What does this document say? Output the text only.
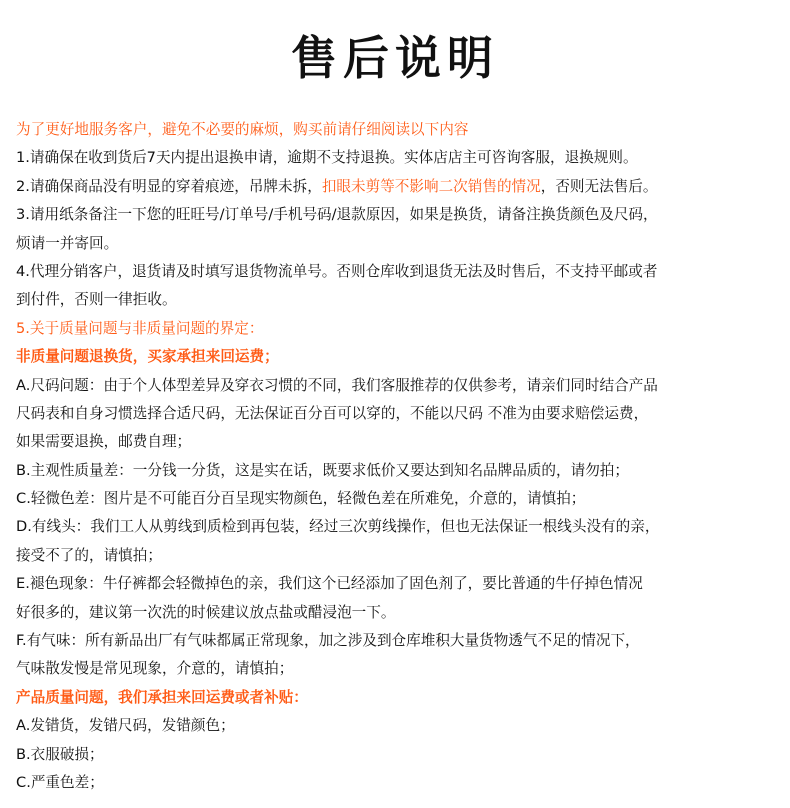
售后说明
为了更好地服务客户，避免不必要的麻烦，购买前请仔细阅读以下内容
1.请确保在收到货后7天内提出退换申请，逾期不支持退换。实体店店主可咨询客服，退换规则。
2.请确保商品没有明显的穿着痕迹，吊牌未拆，扣眼未剪等不影响二次销售的情况，否则无法售后。
3.请用纸条备注一下您的旺旺号/订单号/手机号码/退款原因，如果是换货，请备注换货颜色及尺码，
烦请一并寄回。
4.代理分销客户，退货请及时填写退货物流单号。否则仓库收到退货无法及时售后，不支持平邮或者
到付件，否则一律拒收。
5.关于质量问题与非质量问题的界定：
非质量问题退换货，买家承担来回运费；
A.尺码问题：由于个人体型差异及穿衣习惯的不同，我们客服推荐的仅供参考，请亲们同时结合产品
尺码表和自身习惯选择合适尺码，无法保证百分百可以穿的，不能以尺码 不准为由要求赔偿运费，
如果需要退换，邮费自理；
B.主观性质量差：一分钱一分货，这是实在话，既要求低价又要达到知名品牌品质的，请勿拍；
C.轻微色差：图片是不可能百分百呈现实物颜色，轻微色差在所难免，介意的，请慎拍；
D.有线头：我们工人从剪线到质检到再包装，经过三次剪线操作，但也无法保证一根线头没有的亲，
接受不了的，请慎拍；
E.褪色现象：牛仔裤都会轻微掉色的亲，我们这个已经添加了固色剂了，要比普通的牛仔掉色情况
好很多的，建议第一次洗的时候建议放点盐或醋浸泡一下。
F.有气味：所有新品出厂有气味都属正常现象，加之涉及到仓库堆积大量货物透气不足的情况下，
气味散发慢是常见现象，介意的，请慎拍；
产品质量问题，我们承担来回运费或者补贴：
A.发错货，发错尺码，发错颜色；
B.衣服破损；
C.严重色差；
